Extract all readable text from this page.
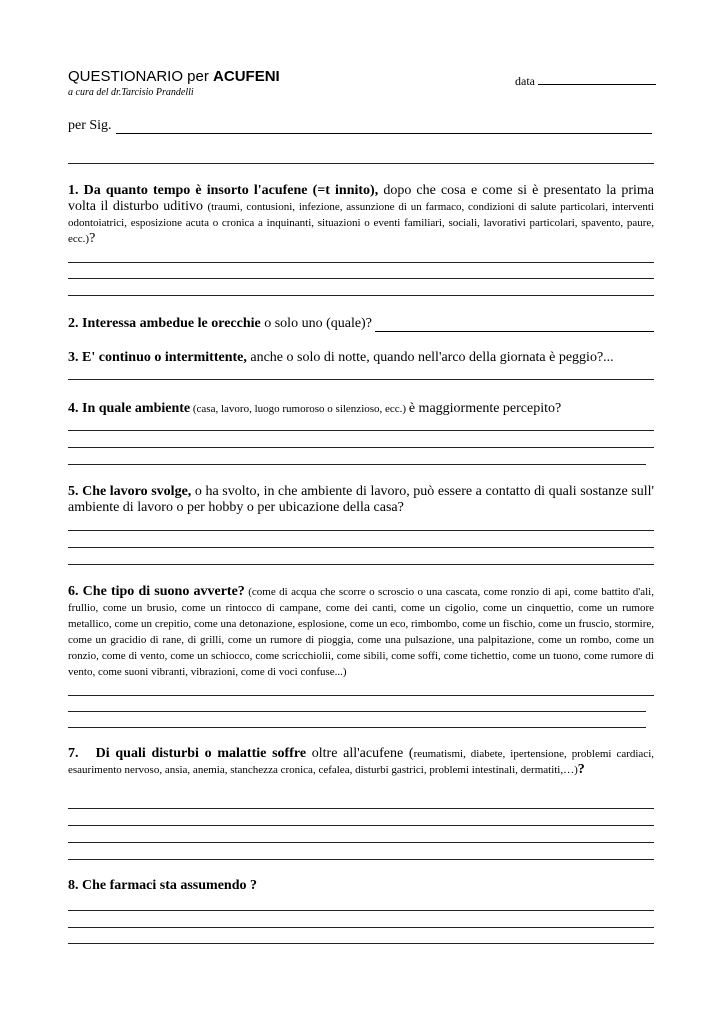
QUESTIONARIO per ACUFENI	data
a cura del dr.Tarcisio Prandelli
per Sig.
1. Da quanto tempo è insorto l'acufene (=t innito), dopo che cosa e come si è presentato la prima volta il disturbo uditivo (traumi, contusioni, infezione, assunzione di un farmaco, condizioni di salute particolari, interventi odontoiatrici, esposizione acuta o cronica a inquinanti, situazioni o eventi familiari, sociali, lavorativi particolari, spavento, paure, ecc.)?
2. Interessa ambedue le orecchie o solo uno (quale)?
3. E' continuo o intermittente, anche o solo di notte, quando nell'arco della giornata è peggio?...
4. In quale ambiente (casa, lavoro, luogo rumoroso o silenzioso, ecc.) è maggiormente percepito?
5. Che lavoro svolge, o ha svolto, in che ambiente di lavoro, può essere a contatto di quali sostanze sull' ambiente di lavoro o per hobby o per ubicazione della casa?
6. Che tipo di suono avverte? (come di acqua che scorre o scroscio o una cascata, come ronzio di api, come battito d'ali, frullio, come un brusio, come un rintocco di campane, come dei canti, come un cigolio, come un cinquettio, come un rumore metallico, come un crepitio, come una detonazione, esplosione, come un eco, rimbombo, come un fischio, come un fruscio, stormire, come un gracidio di rane, di grilli, come un rumore di pioggia, come una pulsazione, una palpitazione, come un rombo, come un ronzio, come di vento, come un schiocco, come scricchiolii, come sibili, come soffi, come tichettio, come un tuono, come rumore di vento, come suoni vibranti, vibrazioni, come di voci confuse...)
7.   Di quali disturbi o malattie soffre oltre all'acufene (reumatismi, diabete, ipertensione, problemi cardiaci, esaurimento nervoso, ansia, anemia, stanchezza cronica, cefalea, disturbi gastrici, problemi intestinali, dermatiti,…)?
8. Che farmaci sta assumendo ?
